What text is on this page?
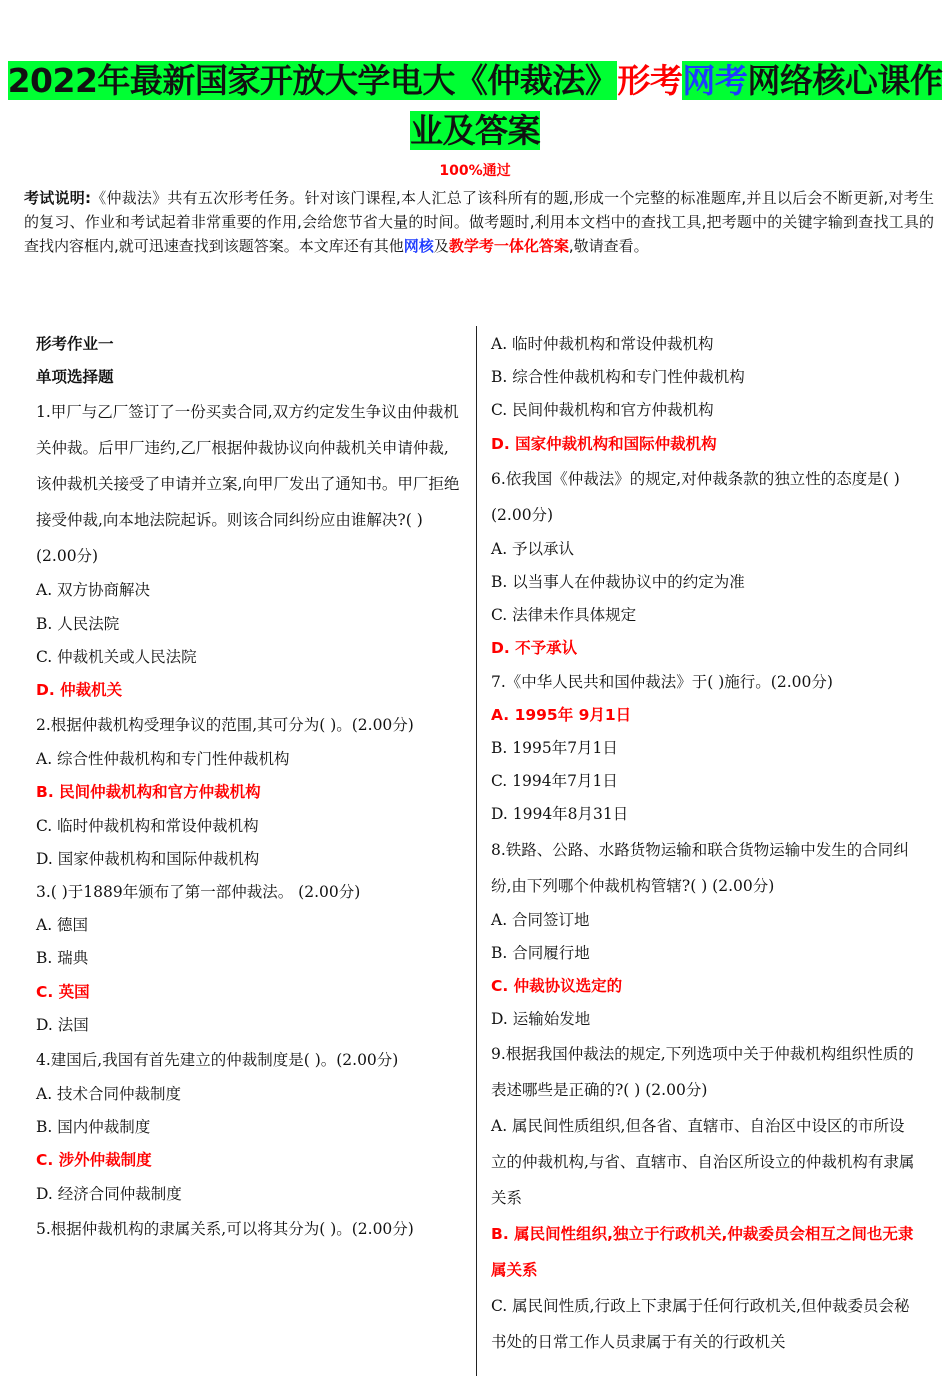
2022年最新国家开放大学电大《仲裁法》形考网考网络核心课作业及答案
100%通过
考试说明:《仲裁法》共有五次形考任务。针对该门课程,本人汇总了该科所有的题,形成一个完整的标准题库,并且以后会不断更新,对考生的复习、作业和考试起着非常重要的作用,会给您节省大量的时间。做考题时,利用本文档中的查找工具,把考题中的关键字输到查找工具的查找内容框内,就可迅速查找到该题答案。本文库还有其他网核及教学考一体化答案,敬请查看。
形考作业一
单项选择题
1.甲厂与乙厂签订了一份买卖合同,双方约定发生争议由仲裁机关仲裁。后甲厂违约,乙厂根据仲裁协议向仲裁机关申请仲裁,该仲裁机关接受了申请并立案,向甲厂发出了通知书。甲厂拒绝接受仲裁,向本地法院起诉。则该合同纠纷应由谁解决?( ) (2.00分)
A. 双方协商解决
B. 人民法院
C. 仲裁机关或人民法院
D. 仲裁机关
2.根据仲裁机构受理争议的范围,其可分为( )。(2.00分)
A. 综合性仲裁机构和专门性仲裁机构
B. 民间仲裁机构和官方仲裁机构
C. 临时仲裁机构和常设仲裁机构
D. 国家仲裁机构和国际仲裁机构
3.( )于1889年颁布了第一部仲裁法。 (2.00分)
A. 德国
B. 瑞典
C. 英国
D. 法国
4.建国后,我国有首先建立的仲裁制度是( )。(2.00分)
A. 技术合同仲裁制度
B. 国内仲裁制度
C. 涉外仲裁制度
D. 经济合同仲裁制度
5.根据仲裁机构的隶属关系,可以将其分为( )。(2.00分)
A. 临时仲裁机构和常设仲裁机构
B. 综合性仲裁机构和专门性仲裁机构
C. 民间仲裁机构和官方仲裁机构
D. 国家仲裁机构和国际仲裁机构
6.依我国《仲裁法》的规定,对仲裁条款的独立性的态度是( )(2.00分)
A. 予以承认
B. 以当事人在仲裁协议中的约定为准
C. 法律未作具体规定
D. 不予承认
7.《中华人民共和国仲裁法》于( )施行。(2.00分)
A. 1995年 9月1日
B. 1995年7月1日
C. 1994年7月1日
D. 1994年8月31日
8.铁路、公路、水路货物运输和联合货物运输中发生的合同纠纷,由下列哪个仲裁机构管辖?( ) (2.00分)
A. 合同签订地
B. 合同履行地
C. 仲裁协议选定的
D. 运输始发地
9.根据我国仲裁法的规定,下列选项中关于仲裁机构组织性质的表述哪些是正确的?( ) (2.00分)
A. 属民间性质组织,但各省、直辖市、自治区中设区的市所设立的仲裁机构,与省、直辖市、自治区所设立的仲裁机构有隶属关系
B. 属民间性组织,独立于行政机关,仲裁委员会相互之间也无隶属关系
C. 属民间性质,行政上下隶属于任何行政机关,但仲裁委员会秘书处的日常工作人员隶属于有关的行政机关
